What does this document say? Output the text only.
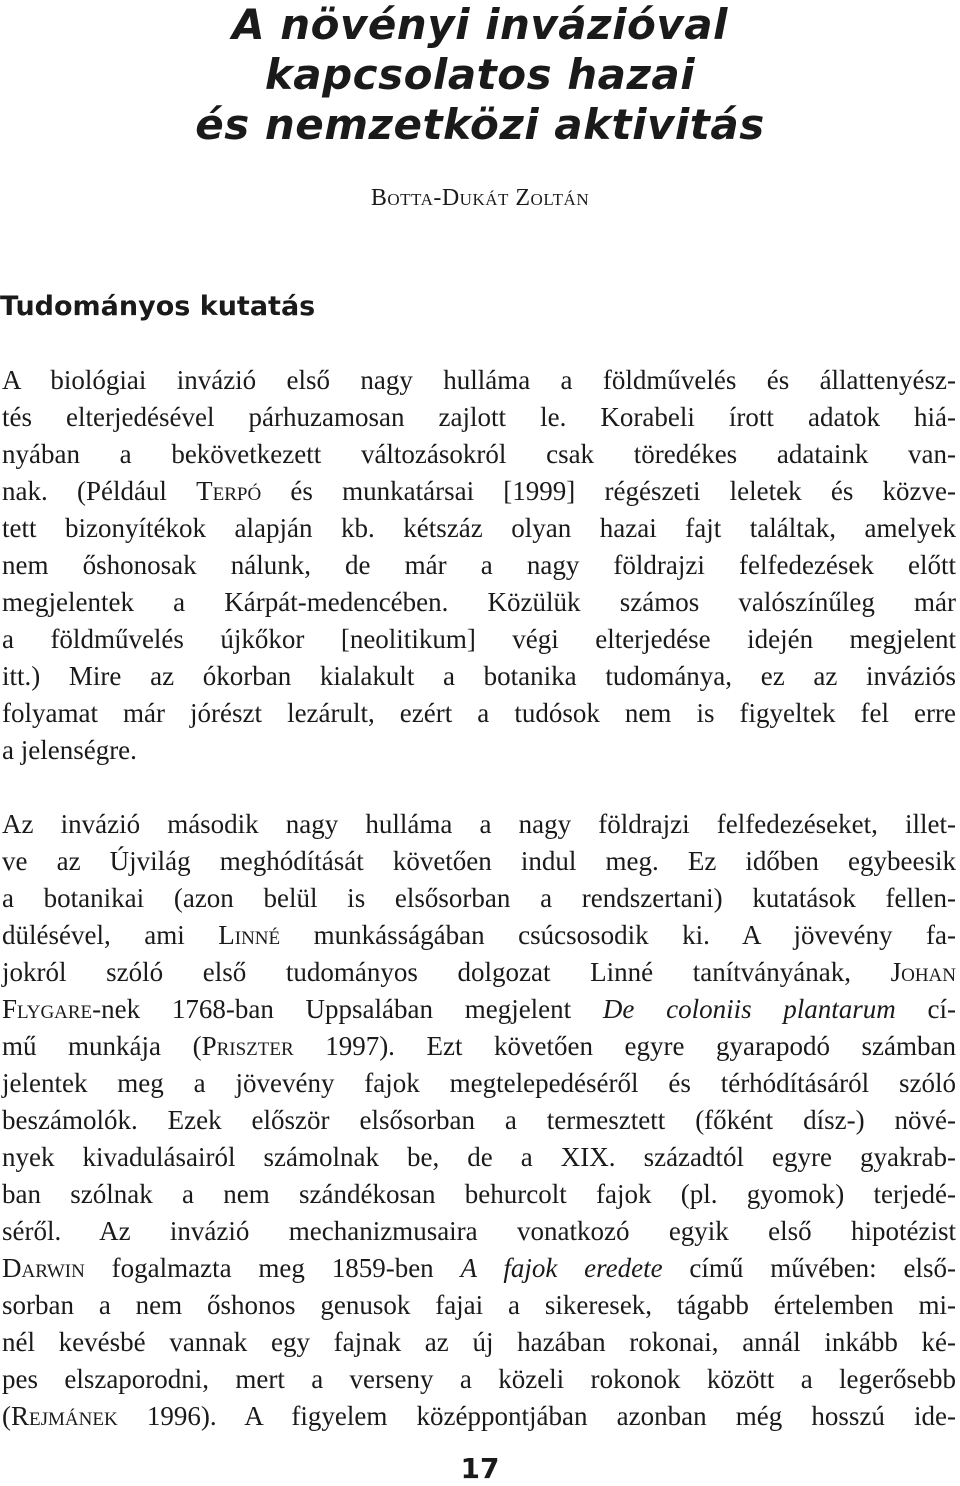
A növényi invázióval
kapcsolatos hazai
és nemzetközi aktivitás

Botta-Dukát Zoltán

Tudományos kutatás
A biológiai invázió első nagy hulláma a földművelés és állattenyész-
tés elterjedésével párhuzamosan zajlott le. Korabeli írott adatok hiá-
nyában a bekövetkezett változásokról csak töredékes adataink van-
nak. (Például Terpó és munkatársai [1999] régészeti leletek és közve-
tett bizonyítékok alapján kb. kétszáz olyan hazai fajt találtak, amelyek
nem őshonosak nálunk, de már a nagy földrajzi felfedezések előtt
megjelentek a Kárpát-medencében. Közülük számos valószínűleg már
a földművelés újkőkor [neolitikum] végi elterjedése idején megjelent
itt.) Mire az ókorban kialakult a botanika tudománya, ez az inváziós
folyamat már jórészt lezárult, ezért a tudósok nem is figyeltek fel erre
a jelenségre.
Az invázió második nagy hulláma a nagy földrajzi felfedezéseket, illet-
ve az Újvilág meghódítását követően indul meg. Ez időben egybeesik
a botanikai (azon belül is elsősorban a rendszertani) kutatások fellen-
dülésével, ami Linné munkásságában csúcsosodik ki. A jövevény fa-
jokról szóló első tudományos dolgozat Linné tanítványának, Johan
Flygare-nek 1768-ban Uppsalában megjelent De coloniis plantarum cí-
mű munkája (Priszter 1997). Ezt követően egyre gyarapodó számban
jelentek meg a jövevény fajok megtelepedéséről és térhódításáról szóló
beszámolók. Ezek először elsősorban a termesztett (főként dísz-) növé-
nyek kivadulásairól számolnak be, de a XIX. századtól egyre gyakrab-
ban szólnak a nem szándékosan behurcolt fajok (pl. gyomok) terjedé-
séről. Az invázió mechanizmusaira vonatkozó egyik első hipotézist
Darwin fogalmazta meg 1859-ben A fajok eredete című művében: első-
sorban a nem őshonos genusok fajai a sikeresek, tágabb értelemben mi-
nél kevésbé vannak egy fajnak az új hazában rokonai, annál inkább ké-
pes elszaporodni, mert a verseny a közeli rokonok között a legerősebb
(Rejmánek 1996). A figyelem középpontjában azonban még hosszú ide-

17
